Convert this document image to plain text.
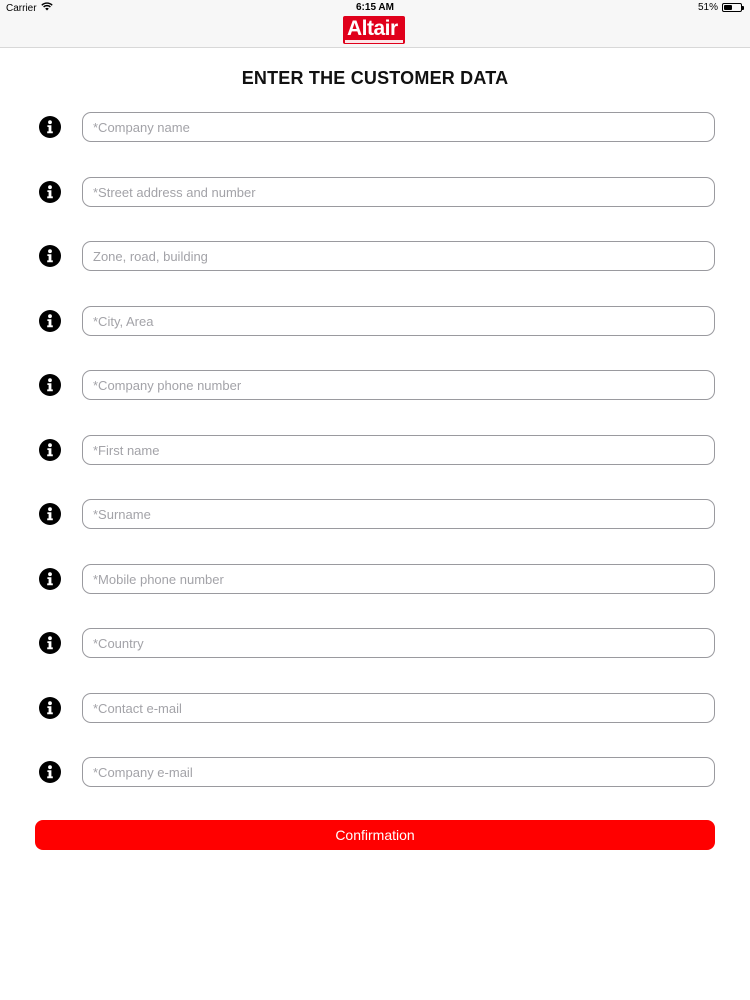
Carrier	6:15 AM	51%
Altair
ENTER THE CUSTOMER DATA
*Company name
*Street address and number
Zone, road, building
*City, Area
*Company phone number
*First name
*Surname
*Mobile phone number
*Country
*Contact e-mail
*Company e-mail
Confirmation
